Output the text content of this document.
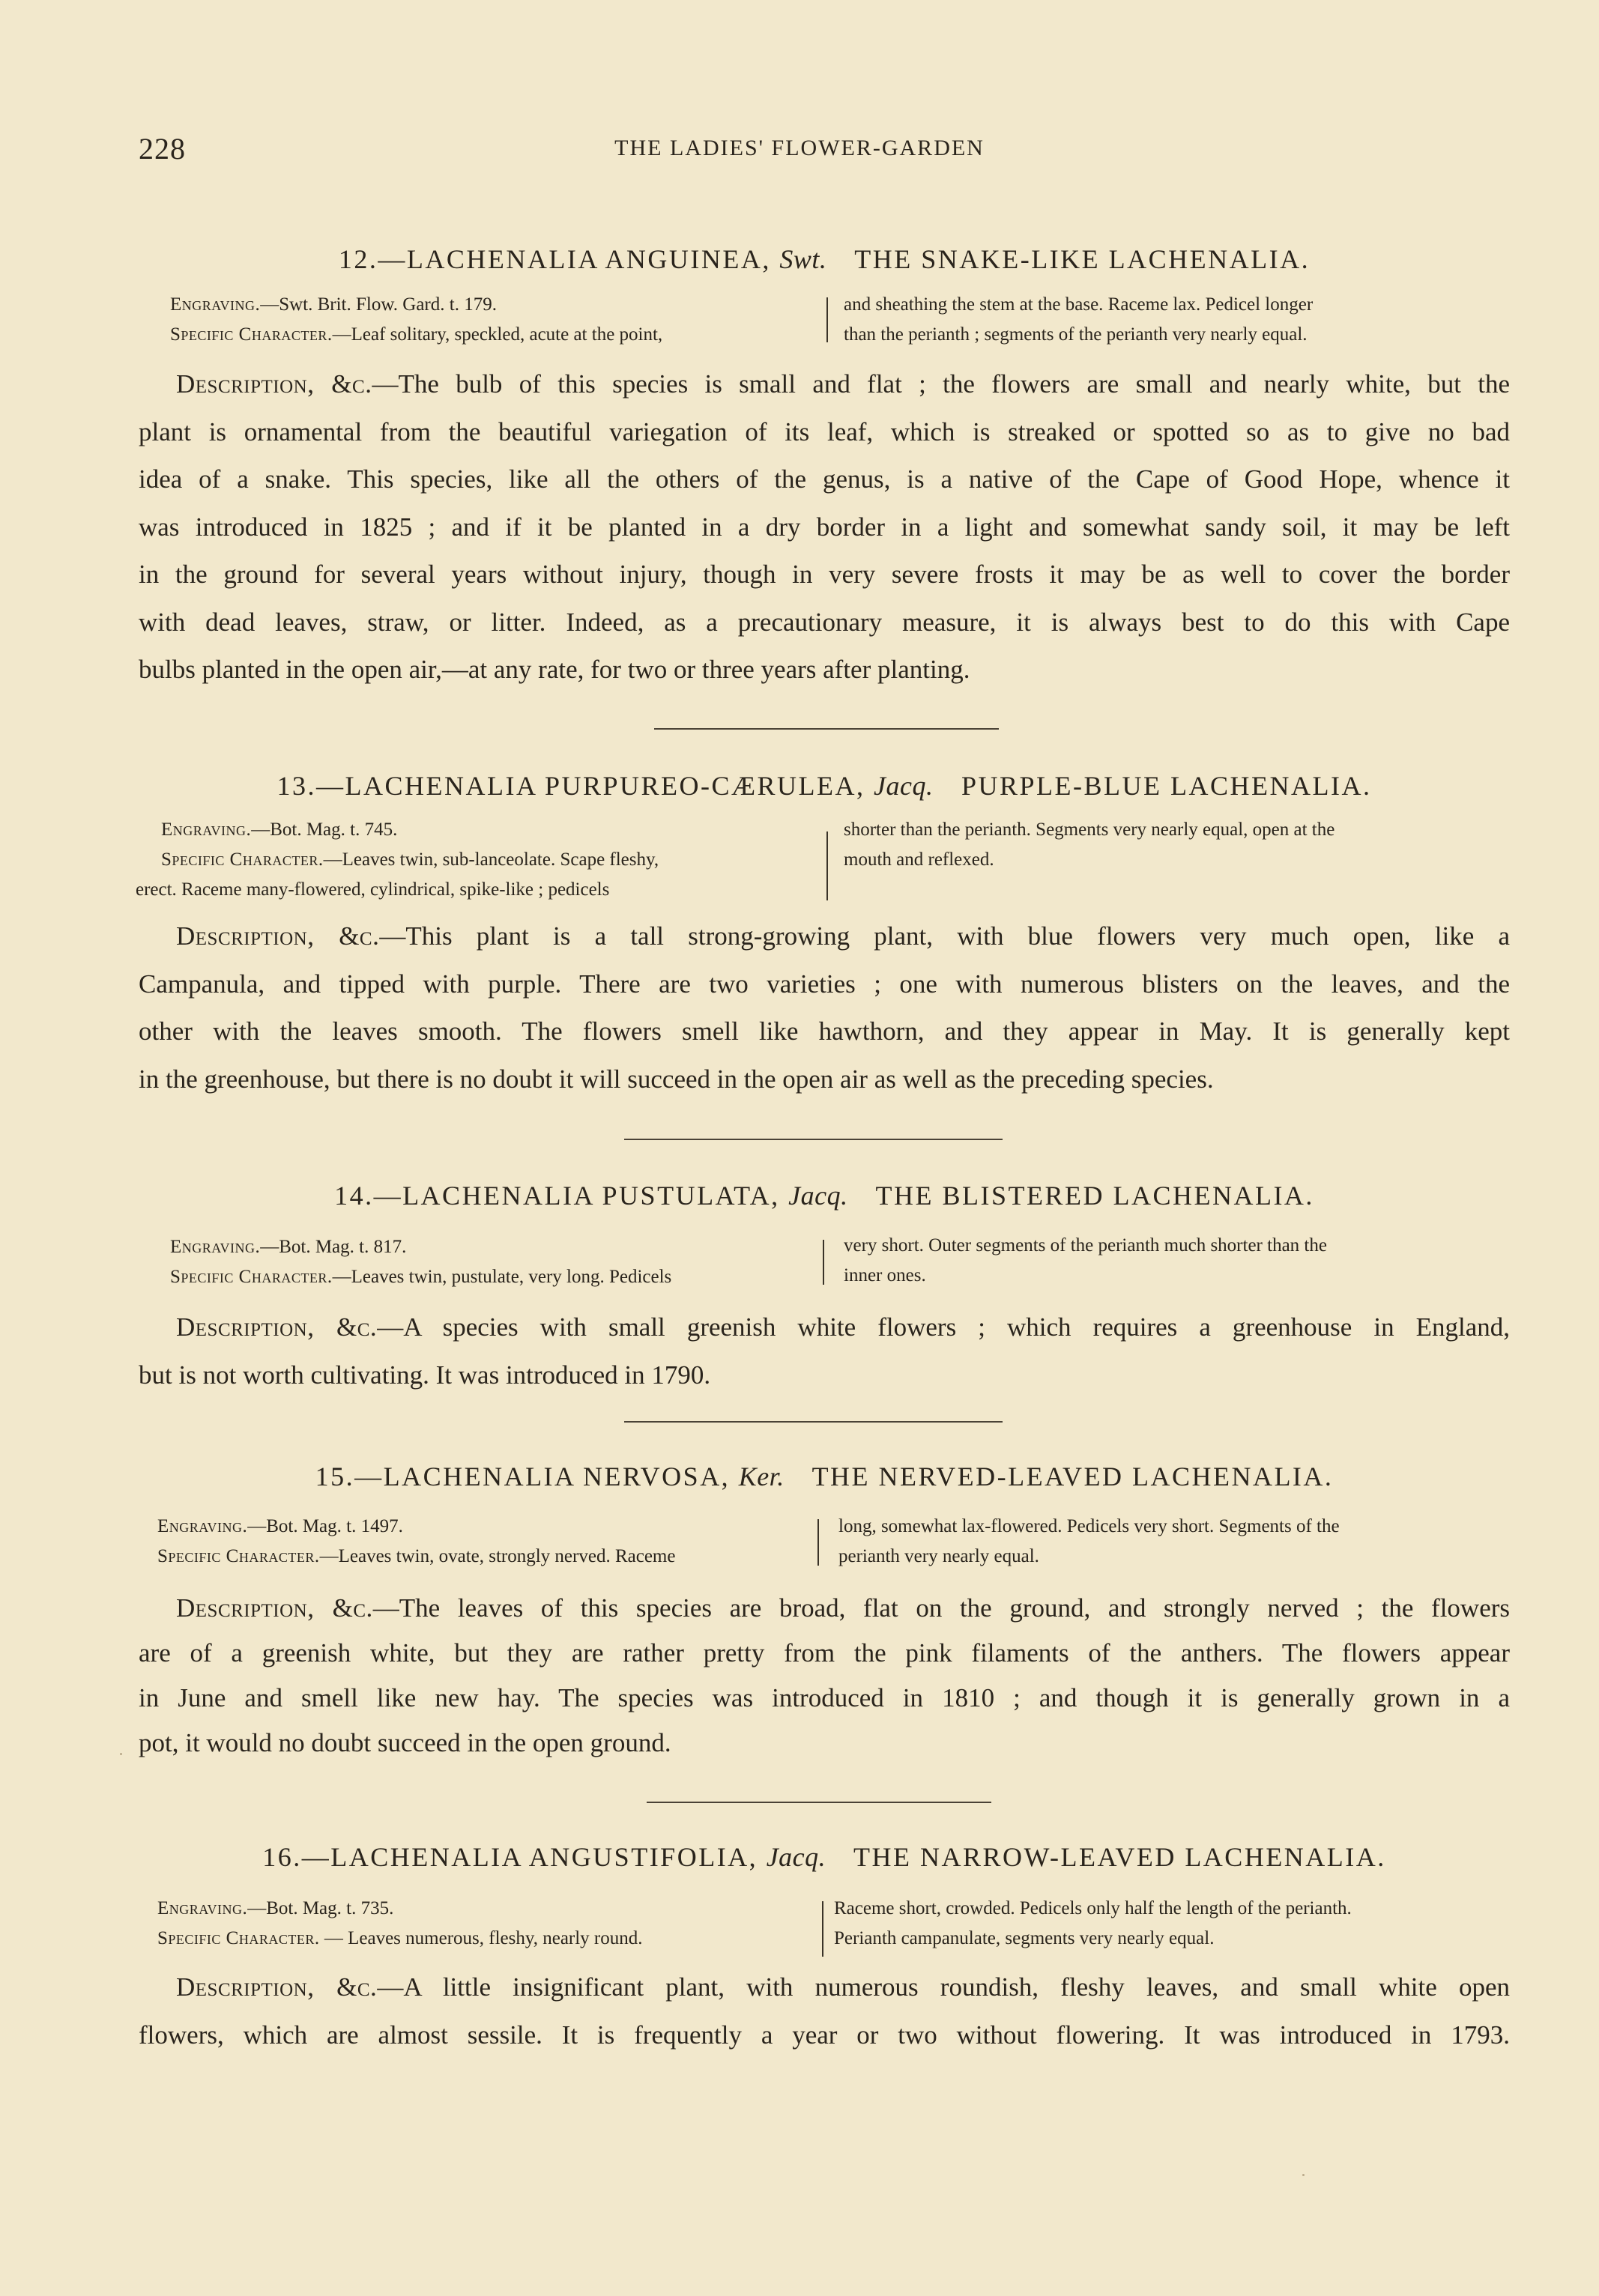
228	THE LADIES' FLOWER-GARDEN
12.—LACHENALIA ANGUINEA, Swt. THE SNAKE-LIKE LACHENALIA.
Engraving.—Swt. Brit. Flow. Gard. t. 179.
Specific Character.—Leaf solitary, speckled, acute at the point,
and sheathing the stem at the base. Raceme lax. Pedicel longer
than the perianth ; segments of the perianth very nearly equal.
Description, &c.—The bulb of this species is small and flat ; the flowers are small and nearly white, but the
plant is ornamental from the beautiful variegation of its leaf, which is streaked or spotted so as to give no bad
idea of a snake. This species, like all the others of the genus, is a native of the Cape of Good Hope, whence it
was introduced in 1825 ; and if it be planted in a dry border in a light and somewhat sandy soil, it may be left
in the ground for several years without injury, though in very severe frosts it may be as well to cover the border
with dead leaves, straw, or litter. Indeed, as a precautionary measure, it is always best to do this with Cape
bulbs planted in the open air,—at any rate, for two or three years after planting.
13.—LACHENALIA PURPUREO-CÆRULEA, Jacq. PURPLE-BLUE LACHENALIA.
Engraving.—Bot. Mag. t. 745.
Specific Character.—Leaves twin, sub-lanceolate. Scape fleshy,
erect. Raceme many-flowered, cylindrical, spike-like ; pedicels
shorter than the perianth. Segments very nearly equal, open at the
mouth and reflexed.
Description, &c.—This plant is a tall strong-growing plant, with blue flowers very much open, like a
Campanula, and tipped with purple. There are two varieties ; one with numerous blisters on the leaves, and the
other with the leaves smooth. The flowers smell like hawthorn, and they appear in May. It is generally kept
in the greenhouse, but there is no doubt it will succeed in the open air as well as the preceding species.
14.—LACHENALIA PUSTULATA, Jacq. THE BLISTERED LACHENALIA.
Engraving.—Bot. Mag. t. 817.
Specific Character.—Leaves twin, pustulate, very long. Pedicels
very short. Outer segments of the perianth much shorter than the
inner ones.
Description, &c.—A species with small greenish white flowers ; which requires a greenhouse in England,
but is not worth cultivating. It was introduced in 1790.
15.—LACHENALIA NERVOSA, Ker. THE NERVED-LEAVED LACHENALIA.
Engraving.—Bot. Mag. t. 1497.
Specific Character.—Leaves twin, ovate, strongly nerved. Raceme
long, somewhat lax-flowered. Pedicels very short. Segments of the
perianth very nearly equal.
Description, &c.—The leaves of this species are broad, flat on the ground, and strongly nerved ; the flowers
are of a greenish white, but they are rather pretty from the pink filaments of the anthers. The flowers appear
in June and smell like new hay. The species was introduced in 1810 ; and though it is generally grown in a
pot, it would no doubt succeed in the open ground.
16.—LACHENALIA ANGUSTIFOLIA, Jacq. THE NARROW-LEAVED LACHENALIA.
Engraving.—Bot. Mag. t. 735.
Specific Character. — Leaves numerous, fleshy, nearly round.
Raceme short, crowded. Pedicels only half the length of the perianth.
Perianth campanulate, segments very nearly equal.
Description, &c.—A little insignificant plant, with numerous roundish, fleshy leaves, and small white open
flowers, which are almost sessile. It is frequently a year or two without flowering. It was introduced in 1793.
